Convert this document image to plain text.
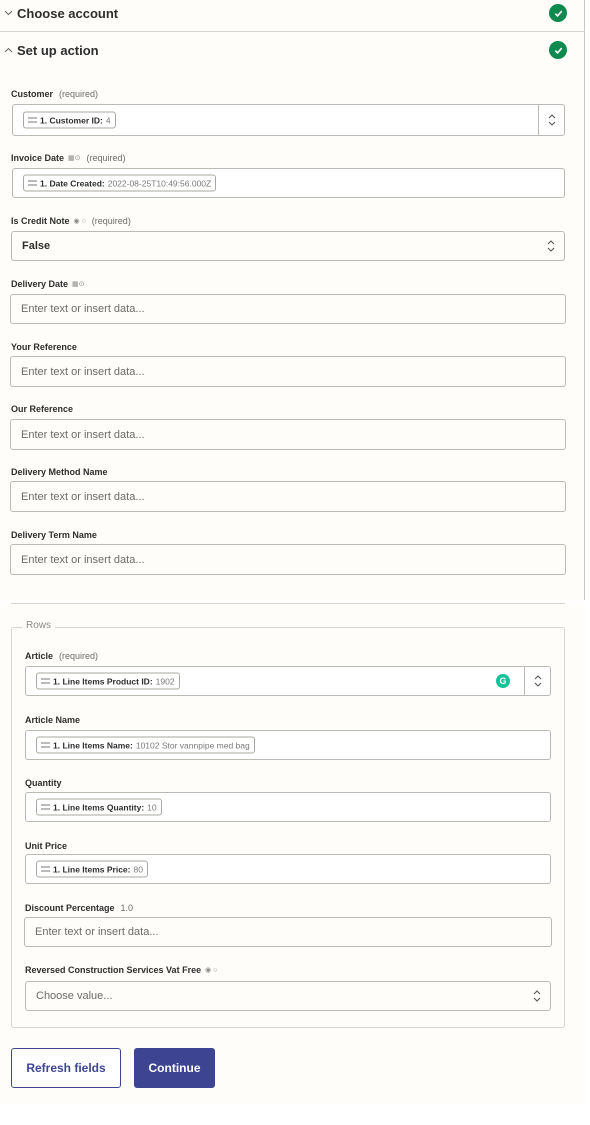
Choose account
Set up action
Customer (required)
1. Customer ID: 4
Invoice Date ▦⊙ (required)
1. Date Created: 2022-08-25T10:49:56.000Z
Is Credit Note ◉ ○ (required)
False
Delivery Date ▦⊙
Enter text or insert data...
Your Reference
Enter text or insert data...
Our Reference
Enter text or insert data...
Delivery Method Name
Enter text or insert data...
Delivery Term Name
Enter text or insert data...
Rows
Article (required)
1. Line Items Product ID: 1902	G
Article Name
1. Line Items Name: 10102 Stor vannpipe med bag
Quantity
1. Line Items Quantity: 10
Unit Price
1. Line Items Price: 80
Discount Percentage 1.0
Enter text or insert data...
Reversed Construction Services Vat Free ◉ ○
Choose value...
Refresh fields	Continue
